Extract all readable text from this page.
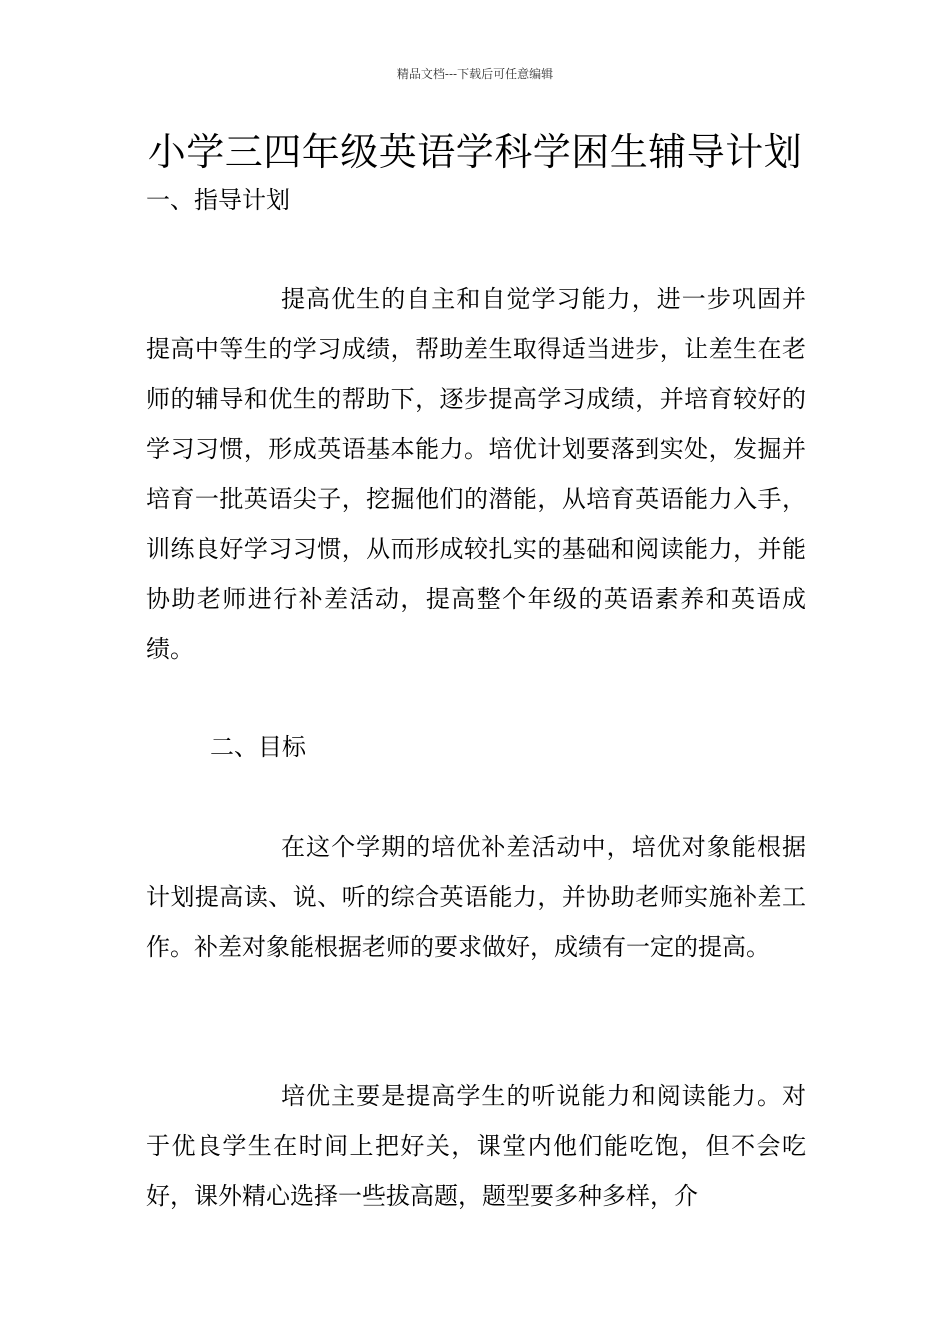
精品文档---下载后可任意编辑
小学三四年级英语学科学困生辅导计划
一、指导计划

提高优生的自主和自觉学习能力，进一步巩固并提高中等生的学习成绩，帮助差生取得适当进步，让差生在老师的辅导和优生的帮助下，逐步提高学习成绩，并培育较好的学习习惯，形成英语基本能力。培优计划要落到实处，发掘并培育一批英语尖子，挖掘他们的潜能，从培育英语能力入手，训练良好学习习惯，从而形成较扎实的基础和阅读能力，并能协助老师进行补差活动，提高整个年级的英语素养和英语成绩。

二、目标

在这个学期的培优补差活动中，培优对象能根据计划提高读、说、听的综合英语能力，并协助老师实施补差工作。补差对象能根据老师的要求做好，成绩有一定的提高。

培优主要是提高学生的听说能力和阅读能力。对于优良学生在时间上把好关，课堂内他们能吃饱，但不会吃好，课外精心选择一些拔高题，题型要多种多样，介
